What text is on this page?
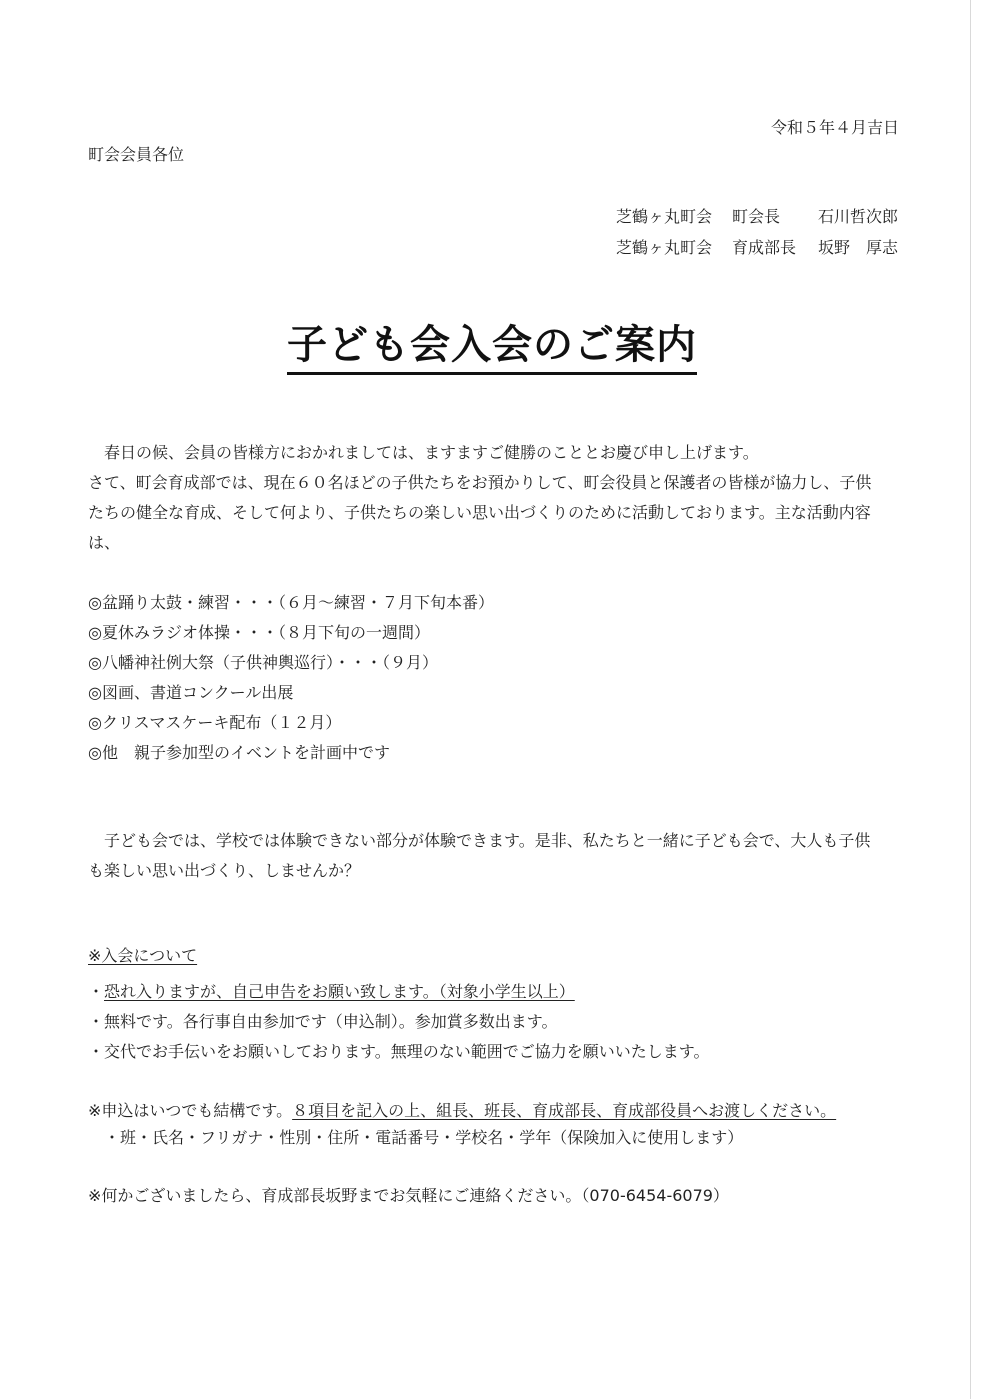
令和５年４月吉日
町会会員各位
芝鶴ヶ丸町会 町会長 石川哲次郎
芝鶴ヶ丸町会 育成部長 坂野　厚志
子ども会入会のご案内
春日の候、会員の皆様方におかれましては、ますますご健勝のこととお慶び申し上げます。
さて、町会育成部では、現在６０名ほどの子供たちをお預かりして、町会役員と保護者の皆様が協力し、子供
たちの健全な育成、そして何より、子供たちの楽しい思い出づくりのために活動しております。主な活動内容
は、
◎盆踊り太鼓・練習・・・（６月～練習・７月下旬本番）
◎夏休みラジオ体操・・・（８月下旬の一週間）
◎八幡神社例大祭（子供神輿巡行）・・・（９月）
◎図画、書道コンクール出展
◎クリスマスケーキ配布（１２月）
◎他　親子参加型のイベントを計画中です
子ども会では、学校では体験できない部分が体験できます。是非、私たちと一緒に子ども会で、大人も子供
も楽しい思い出づくり、しませんか？
※入会について
・恐れ入りますが、自己申告をお願い致します。（対象小学生以上）
・無料です。各行事自由参加です（申込制）。参加賞多数出ます。
・交代でお手伝いをお願いしております。無理のない範囲でご協力を願いいたします。
※申込はいつでも結構です。８項目を記入の上、組長、班長、育成部長、育成部役員へお渡しください。
・班・氏名・フリガナ・性別・住所・電話番号・学校名・学年（保険加入に使用します）
※何かございましたら、育成部長坂野までお気軽にご連絡ください。（070-6454-6079）
